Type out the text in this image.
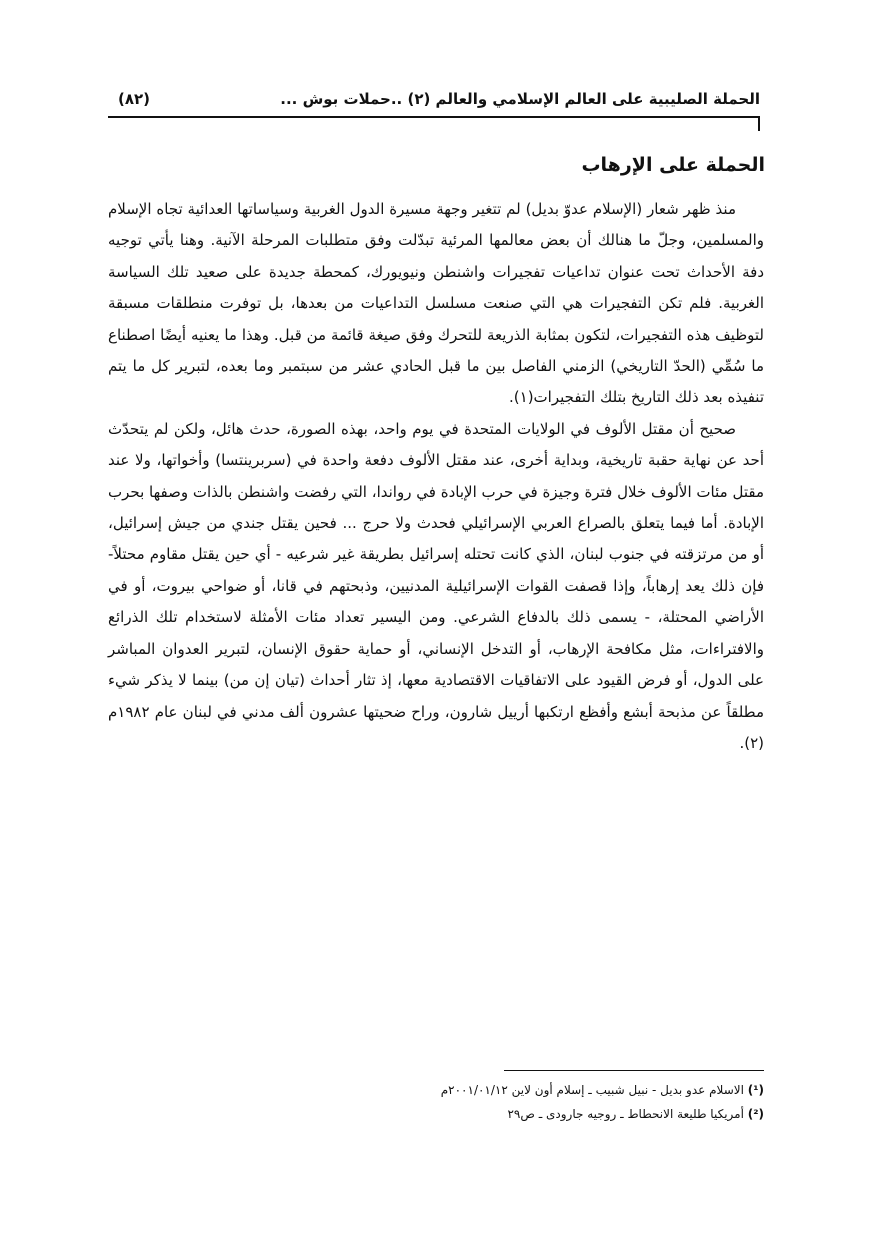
الحملة الصليبية على العالم الإسلامي والعالم (٢) ..حملات بوش ...
(٨٢)
الحملة على الإرهاب

منذ ظهر شعار (الإسلام عدوّ بديل) لم تتغير وجهة مسيرة الدول الغربية وسياساتها العدائية تجاه الإسلام والمسلمين، وجلّ ما هنالك أن بعض معالمها المرئية تبدّلت وفق متطلبات المرحلة الآنية. وهنا يأتي توجيه دفة الأحداث تحت عنوان تداعيات تفجيرات واشنطن ونيويورك، كمحطة جديدة على صعيد تلك السياسة الغربية. فلم تكن التفجيرات هي التي صنعت مسلسل التداعيات من بعدها، بل توفرت منطلقات مسبقة لتوظيف هذه التفجيرات، لتكون بمثابة الذريعة للتحرك وفق صيغة قائمة من قبل. وهذا ما يعنيه أيضًا اصطناع ما سُمِّي (الحدّ التاريخي) الزمني الفاصل بين ما قبل الحادي عشر من سبتمبر وما بعده، لتبرير كل ما يتم تنفيذه بعد ذلك التاريخ بتلك التفجيرات(١).

صحيح أن مقتل الألوف في الولايات المتحدة في يوم واحد، بهذه الصورة، حدث هائل، ولكن لم يتحدّث أحد عن نهاية حقبة تاريخية، وبداية أخرى، عند مقتل الألوف دفعة واحدة في (سربرينتسا) وأخواتها، ولا عند مقتل مئات الألوف خلال فترة وجيزة في حرب الإبادة في رواندا، التي رفضت واشنطن بالذات وصفها بحرب الإبادة. أما فيما يتعلق بالصراع العربي الإسرائيلي فحدث ولا حرج ... فحين يقتل جندي من جيش إسرائيل، أو من مرتزقته في جنوب لبنان، الذي كانت تحتله إسرائيل بطريقة غير شرعيه - أي حين يقتل مقاوم محتلاً- فإن ذلك يعد إرهاباً، وإذا قصفت القوات الإسرائيلية المدنيين، وذبحتهم في قانا، أو ضواحي بيروت، أو في الأراضي المحتلة، - يسمى ذلك بالدفاع الشرعي. ومن اليسير تعداد مئات الأمثلة لاستخدام تلك الذرائع والافتراءات، مثل مكافحة الإرهاب، أو التدخل الإنساني، أو حماية حقوق الإنسان، لتبرير العدوان المباشر على الدول، أو فرض القيود على الاتفاقيات الاقتصادية معها، إذ تثار أحداث (تيان إن من) بينما لا يذكر شيء مطلقاً عن مذبحة أبشع وأفظع ارتكبها أرييل شارون، وراح ضحيتها عشرون ألف مدني في لبنان عام ١٩٨٢م (٢).

(¹) الاسلام عدو بديل - نبيل شبيب ـ إسلام أون لاين ٢٠٠١/٠١/١٢م

(²) أمريكيا طليعة الانحطاط ـ روجيه جارودى ـ ص٢٩
